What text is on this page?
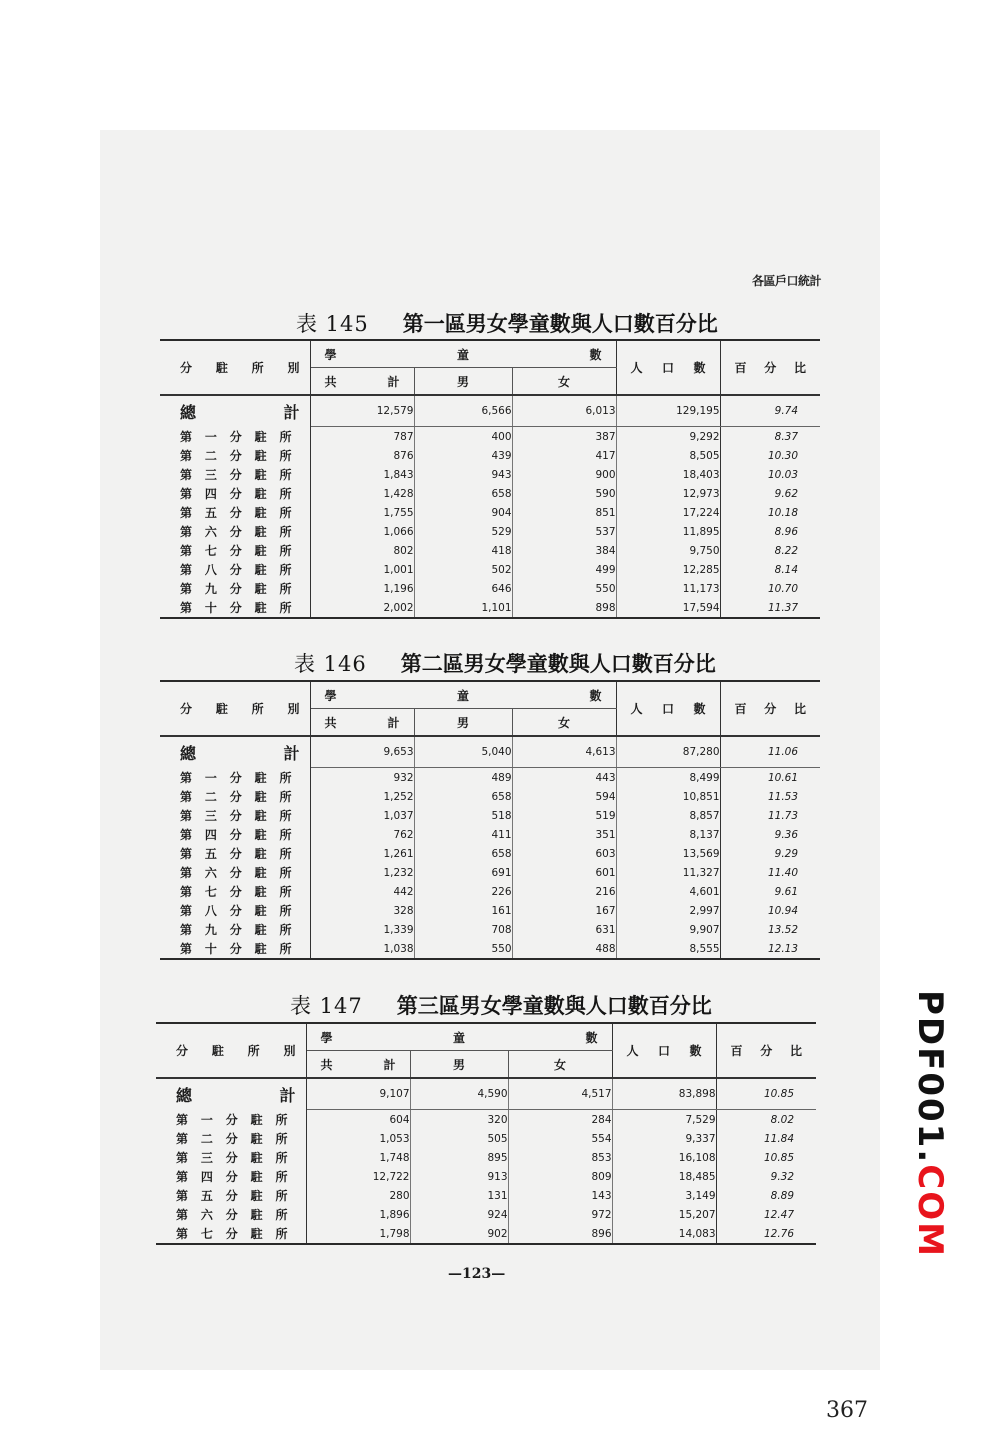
各區戶口統計
表 145 第一區男女學童數與人口數百分比
分 駐 所 別	學 童 數			人 口 數	百 分 比

	共 計	男	女		

總 計	12,579	6,566	6,013	129,195	9.74

第 一 分 駐 所	787	400	387	9,292	8.37

第 二 分 駐 所	876	439	417	8,505	10.30

第 三 分 駐 所	1,843	943	900	18,403	10.03

第 四 分 駐 所	1,428	658	590	12,973	9.62

第 五 分 駐 所	1,755	904	851	17,224	10.18

第 六 分 駐 所	1,066	529	537	11,895	8.96

第 七 分 駐 所	802	418	384	9,750	8.22

第 八 分 駐 所	1,001	502	499	12,285	8.14

第 九 分 駐 所	1,196	646	550	11,173	10.70

第 十 分 駐 所	2,002	1,101	898	17,594	11.37
表 146 第二區男女學童數與人口數百分比
分 駐 所 別	學 童 數			人 口 數	百 分 比

	共 計	男	女		

總 計	9,653	5,040	4,613	87,280	11.06

第 一 分 駐 所	932	489	443	8,499	10.61

第 二 分 駐 所	1,252	658	594	10,851	11.53

第 三 分 駐 所	1,037	518	519	8,857	11.73

第 四 分 駐 所	762	411	351	8,137	9.36

第 五 分 駐 所	1,261	658	603	13,569	9.29

第 六 分 駐 所	1,232	691	601	11,327	11.40

第 七 分 駐 所	442	226	216	4,601	9.61

第 八 分 駐 所	328	161	167	2,997	10.94

第 九 分 駐 所	1,339	708	631	9,907	13.52

第 十 分 駐 所	1,038	550	488	8,555	12.13
表 147 第三區男女學童數與人口數百分比
分 駐 所 別	學 童 數			人 口 數	百 分 比

	共 計	男	女		

總 計	9,107	4,590	4,517	83,898	10.85

第 一 分 駐 所	604	320	284	7,529	8.02

第 二 分 駐 所	1,053	505	554	9,337	11.84

第 三 分 駐 所	1,748	895	853	16,108	10.85

第 四 分 駐 所	12,722	913	809	18,485	9.32

第 五 分 駐 所	280	131	143	3,149	8.89

第 六 分 駐 所	1,896	924	972	15,207	12.47

第 七 分 駐 所	1,798	902	896	14,083	12.76
—123—
PDF001.COM
367
